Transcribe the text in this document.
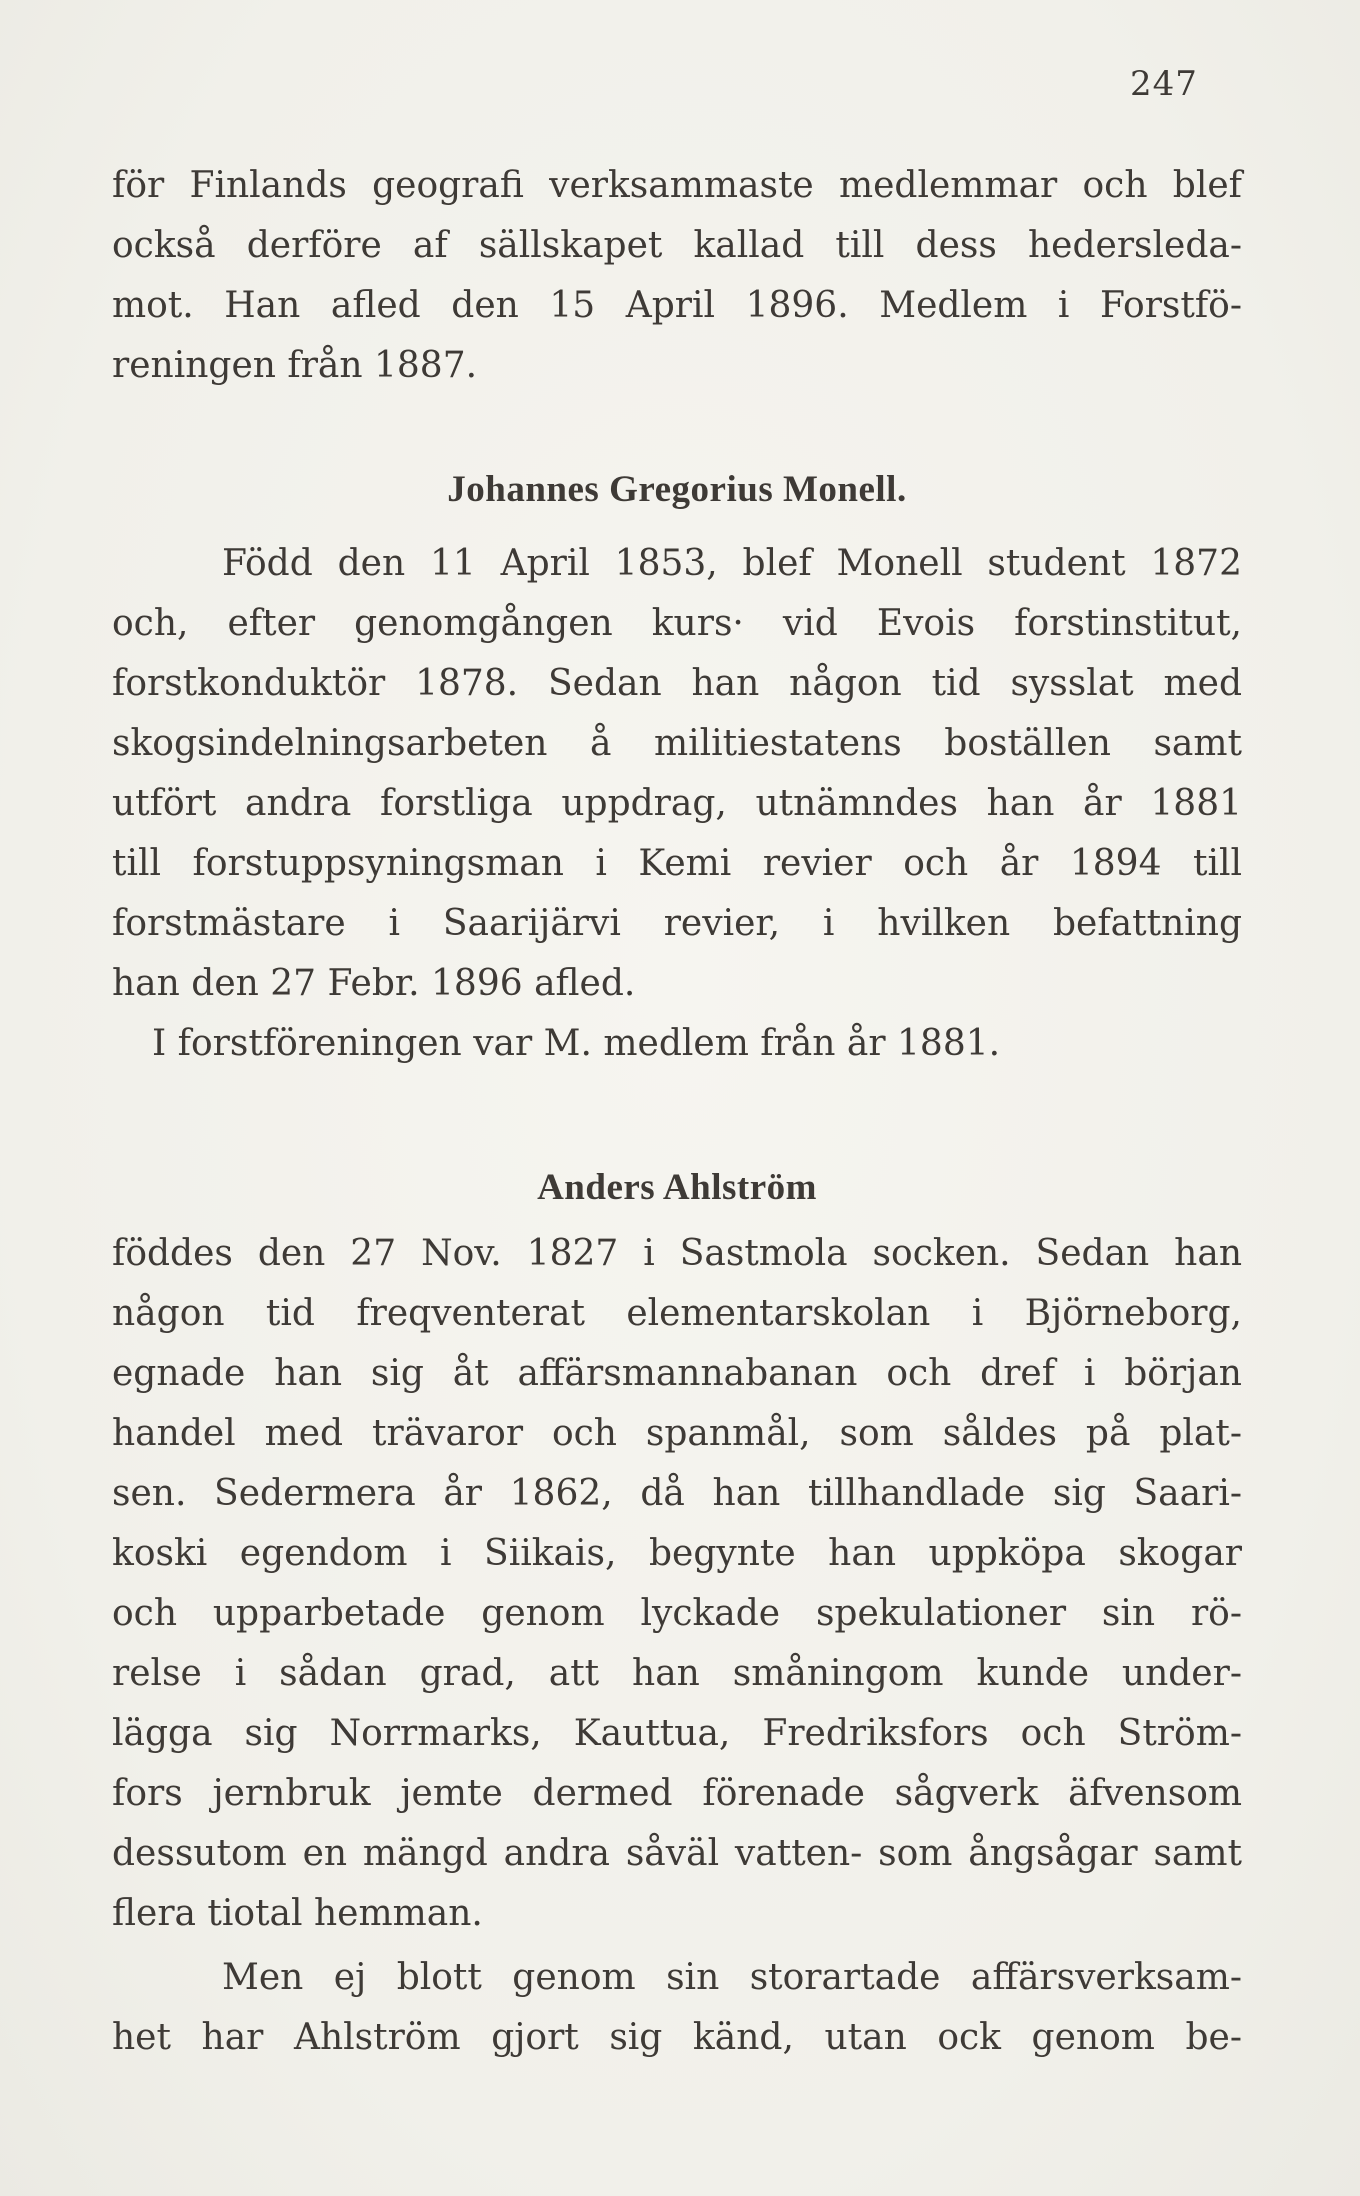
247

för Finlands geografi verksammaste medlemmar och blef

också derföre af sällskapet kallad till dess hedersleda-

mot. Han afled den 15 April 1896. Medlem i Forstfö-

reningen från 1887.

Johannes Gregorius Monell.

Född den 11 April 1853, blef Monell student 1872

och, efter genomgången kurs· vid Evois forstinstitut,

forstkonduktör 1878. Sedan han någon tid sysslat med

skogsindelningsarbeten å militiestatens boställen samt

utfört andra forstliga uppdrag, utnämndes han år 1881

till forstuppsyningsman i Kemi revier och år 1894 till

forstmästare i Saarijärvi revier, i hvilken befattning

han den 27 Febr. 1896 afled.

I forstföreningen var M. medlem från år 1881.

Anders Ahlström

föddes den 27 Nov. 1827 i Sastmola socken. Sedan han

någon tid freqventerat elementarskolan i Björneborg,

egnade han sig åt affärsmannabanan och dref i början

handel med trävaror och spanmål, som såldes på plat-

sen. Sedermera år 1862, då han tillhandlade sig Saari-

koski egendom i Siikais, begynte han uppköpa skogar

och upparbetade genom lyckade spekulationer sin rö-

relse i sådan grad, att han småningom kunde under-

lägga sig Norrmarks, Kauttua, Fredriksfors och Ström-

fors jernbruk jemte dermed förenade sågverk äfvensom

dessutom en mängd andra såväl vatten- som ångsågar samt

flera tiotal hemman.

Men ej blott genom sin storartade affärsverksam-

het har Ahlström gjort sig känd, utan ock genom be-
